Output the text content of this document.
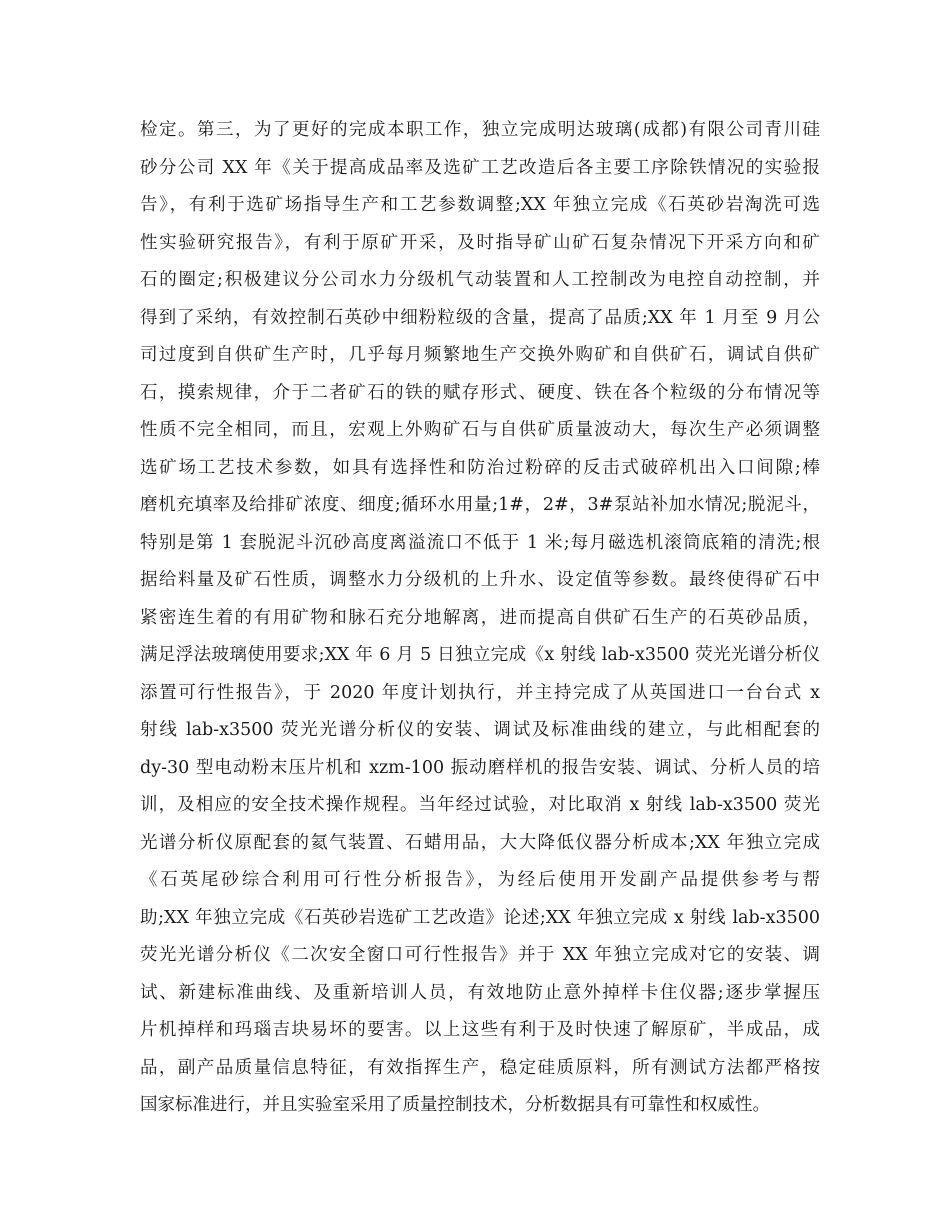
检定。第三，为了更好的完成本职工作，独立完成明达玻璃(成都)有限公司青川硅
砂分公司 XX 年《关于提高成品率及选矿工艺改造后各主要工序除铁情况的实验报
告》，有利于选矿场指导生产和工艺参数调整;XX 年独立完成《石英砂岩淘洗可选
性实验研究报告》，有利于原矿开采，及时指导矿山矿石复杂情况下开采方向和矿
石的圈定;积极建议分公司水力分级机气动装置和人工控制改为电控自动控制，并
得到了采纳，有效控制石英砂中细粉粒级的含量，提高了品质;XX 年 1 月至 9 月公
司过度到自供矿生产时，几乎每月频繁地生产交换外购矿和自供矿石，调试自供矿
石，摸索规律，介于二者矿石的铁的赋存形式、硬度、铁在各个粒级的分布情况等
性质不完全相同，而且，宏观上外购矿石与自供矿质量波动大，每次生产必须调整
选矿场工艺技术参数，如具有选择性和防治过粉碎的反击式破碎机出入口间隙;棒
磨机充填率及给排矿浓度、细度;循环水用量;1#，2#，3#泵站补加水情况;脱泥斗，
特别是第 1 套脱泥斗沉砂高度离溢流口不低于 1 米;每月磁选机滚筒底箱的清洗;根
据给料量及矿石性质，调整水力分级机的上升水、设定值等参数。最终使得矿石中
紧密连生着的有用矿物和脉石充分地解离，进而提高自供矿石生产的石英砂品质，
满足浮法玻璃使用要求;XX 年 6 月 5 日独立完成《x 射线 lab-x3500 荧光光谱分析仪
添置可行性报告》，于 2020 年度计划执行，并主持完成了从英国进口一台台式 x
射线 lab-x3500 荧光光谱分析仪的安装、调试及标准曲线的建立，与此相配套的
dy-30 型电动粉末压片机和 xzm-100 振动磨样机的报告安装、调试、分析人员的培
训，及相应的安全技术操作规程。当年经过试验，对比取消 x 射线 lab-x3500 荧光
光谱分析仪原配套的氦气装置、石蜡用品，大大降低仪器分析成本;XX 年独立完成
《石英尾砂综合利用可行性分析报告》，为经后使用开发副产品提供参考与帮
助;XX 年独立完成《石英砂岩选矿工艺改造》论述;XX 年独立完成 x 射线 lab-x3500
荧光光谱分析仪《二次安全窗口可行性报告》并于 XX 年独立完成对它的安装、调
试、新建标准曲线、及重新培训人员，有效地防止意外掉样卡住仪器;逐步掌握压
片机掉样和玛瑙吉块易坏的要害。以上这些有利于及时快速了解原矿，半成品，成
品，副产品质量信息特征，有效指挥生产，稳定硅质原料，所有测试方法都严格按
国家标准进行，并且实验室采用了质量控制技术，分析数据具有可靠性和权威性。
